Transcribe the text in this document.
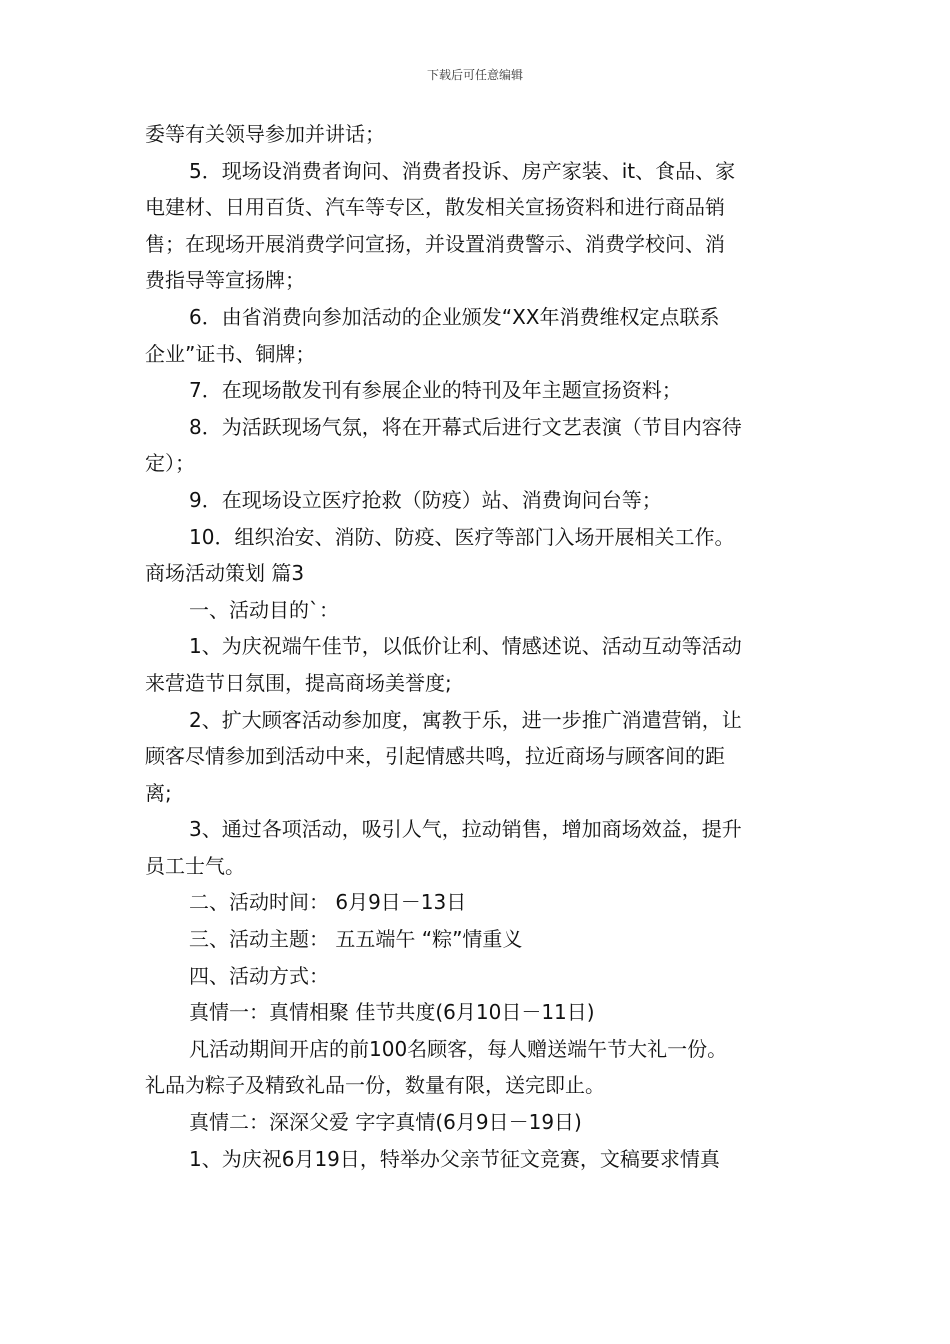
下载后可任意编辑
委等有关领导参加并讲话；
5．现场设消费者询问、消费者投诉、房产家装、it、食品、家
电建材、日用百货、汽车等专区，散发相关宣扬资料和进行商品销
售；在现场开展消费学问宣扬，并设置消费警示、消费学校问、消
费指导等宣扬牌；
6．由省消费向参加活动的企业颁发“XX年消费维权定点联系
企业”证书、铜牌；
7．在现场散发刊有参展企业的特刊及年主题宣扬资料；
8．为活跃现场气氛，将在开幕式后进行文艺表演（节目内容待
定）；
9．在现场设立医疗抢救（防疫）站、消费询问台等；
10．组织治安、消防、防疫、医疗等部门入场开展相关工作。
商场活动策划 篇3
一、活动目的`：
1、为庆祝端午佳节，以低价让利、情感述说、活动互动等活动
来营造节日氛围，提高商场美誉度;
2、扩大顾客活动参加度，寓教于乐，进一步推广消遣营销，让
顾客尽情参加到活动中来，引起情感共鸣，拉近商场与顾客间的距
离;
3、通过各项活动，吸引人气，拉动销售，增加商场效益，提升
员工士气。
二、活动时间： 6月9日－13日
三、活动主题： 五五端午 “粽”情重义
四、活动方式：
真情一：真情相聚 佳节共度(6月10日－11日)
凡活动期间开店的前100名顾客，每人赠送端午节大礼一份。
礼品为粽子及精致礼品一份，数量有限，送完即止。
真情二：深深父爱 字字真情(6月9日－19日)
1、为庆祝6月19日，特举办父亲节征文竞赛，文稿要求情真
